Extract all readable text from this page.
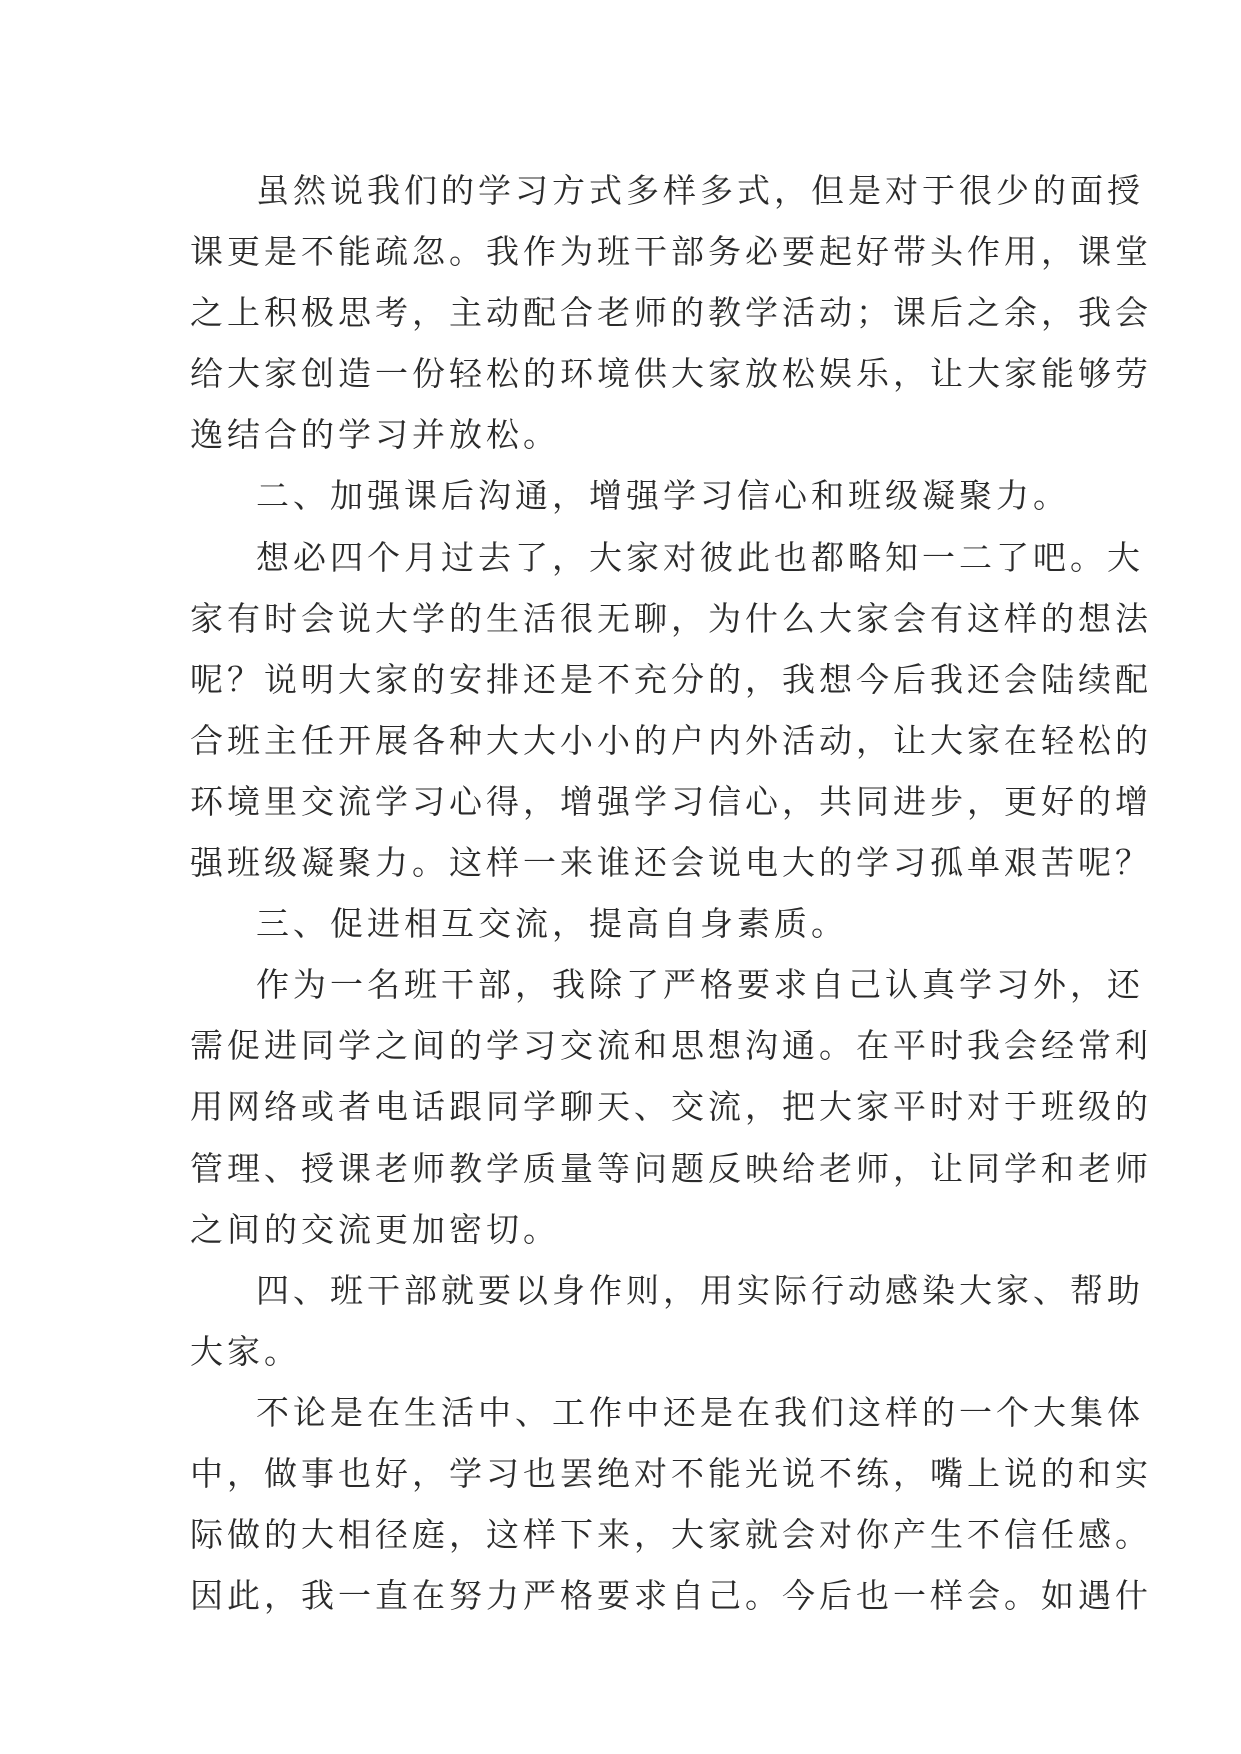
虽然说我们的学习方式多样多式，但是对于很少的面授
课更是不能疏忽。我作为班干部务必要起好带头作用，课堂
之上积极思考，主动配合老师的教学活动；课后之余，我会
给大家创造一份轻松的环境供大家放松娱乐，让大家能够劳
逸结合的学习并放松。
二、加强课后沟通，增强学习信心和班级凝聚力。
想必四个月过去了，大家对彼此也都略知一二了吧。大
家有时会说大学的生活很无聊，为什么大家会有这样的想法
呢？说明大家的安排还是不充分的，我想今后我还会陆续配
合班主任开展各种大大小小的户内外活动，让大家在轻松的
环境里交流学习心得，增强学习信心，共同进步，更好的增
强班级凝聚力。这样一来谁还会说电大的学习孤单艰苦呢？
三、促进相互交流，提高自身素质。
作为一名班干部，我除了严格要求自己认真学习外，还
需促进同学之间的学习交流和思想沟通。在平时我会经常利
用网络或者电话跟同学聊天、交流，把大家平时对于班级的
管理、授课老师教学质量等问题反映给老师，让同学和老师
之间的交流更加密切。
四、班干部就要以身作则，用实际行动感染大家、帮助
大家。
不论是在生活中、工作中还是在我们这样的一个大集体
中，做事也好，学习也罢绝对不能光说不练，嘴上说的和实
际做的大相径庭，这样下来，大家就会对你产生不信任感。
因此，我一直在努力严格要求自己。今后也一样会。如遇什
